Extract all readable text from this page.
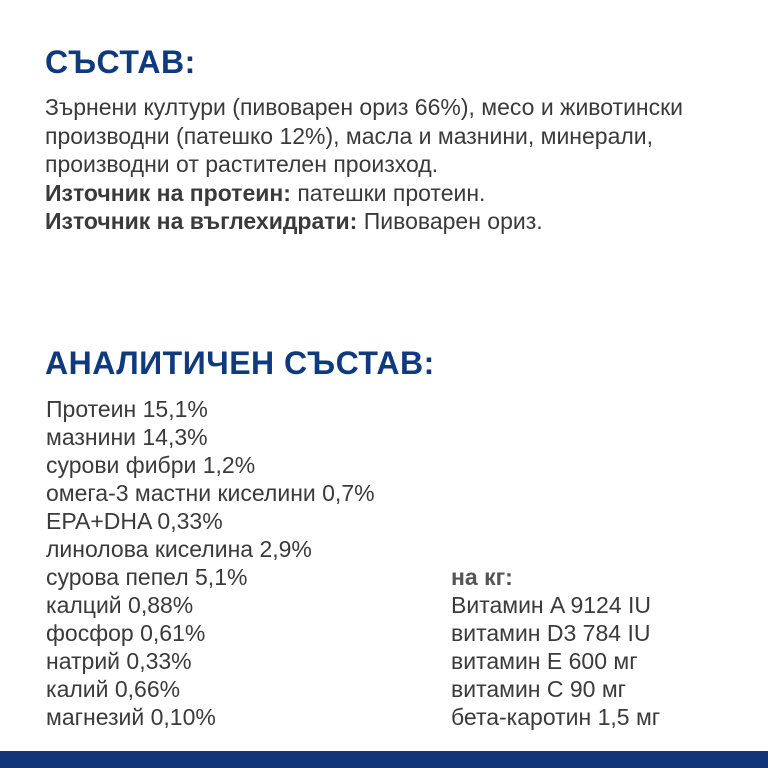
СЪСТАВ:

Зърнени култури (пивоварен ориз 66%), месо и животински производни (патешко 12%), масла и мазнини, минерали, производни от растителен произход.

Източник на протеин: патешки протеин.

Източник на въглехидрати: Пивоварен ориз.

АНАЛИТИЧЕН СЪСТАВ:
Протеин 15,1%
мазнини 14,3%
сурови фибри 1,2%
омега-3 мастни киселини 0,7%
EPA+DHA 0,33%
линолова киселина 2,9%
сурова пепел 5,1%
калций 0,88%
фосфор 0,61%
натрий 0,33%
калий 0,66%
магнезий 0,10%
на кг:
Витамин A 9124 IU
витамин D3 784 IU
витамин E 600 мг
витамин C 90 мг
бета-каротин 1,5 мг
